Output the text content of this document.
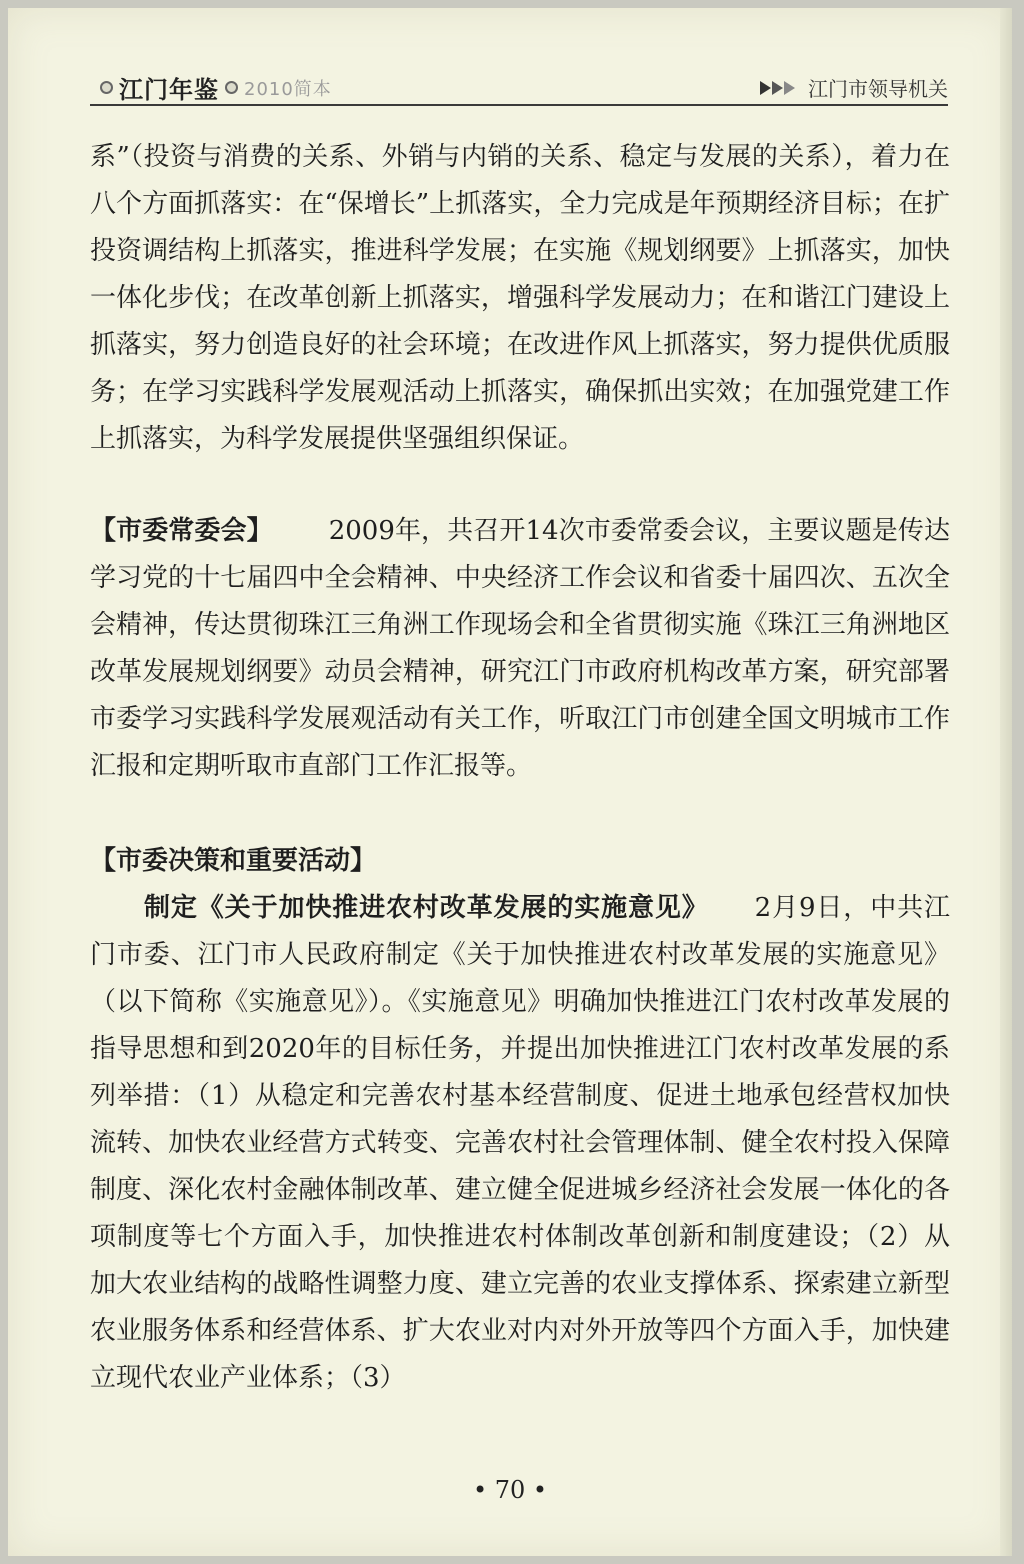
江门年鉴 2010简本	江门市领导机关

系”（投资与消费的关系、外销与内销的关系、稳定与发展的关系），着力在八个方面抓落实：在“保增长”上抓落实，全力完成是年预期经济目标；在扩投资调结构上抓落实，推进科学发展；在实施《规划纲要》上抓落实，加快一体化步伐；在改革创新上抓落实，增强科学发展动力；在和谐江门建设上抓落实，努力创造良好的社会环境；在改进作风上抓落实，努力提供优质服务；在学习实践科学发展观活动上抓落实，确保抓出实效；在加强党建工作上抓落实，为科学发展提供坚强组织保证。

【市委常委会】 2009年，共召开14次市委常委会议，主要议题是传达学习党的十七届四中全会精神、中央经济工作会议和省委十届四次、五次全会精神，传达贯彻珠江三角洲工作现场会和全省贯彻实施《珠江三角洲地区改革发展规划纲要》动员会精神，研究江门市政府机构改革方案，研究部署市委学习实践科学发展观活动有关工作，听取江门市创建全国文明城市工作汇报和定期听取市直部门工作汇报等。

【市委决策和重要活动】

制定《关于加快推进农村改革发展的实施意见》 2月9日，中共江门市委、江门市人民政府制定《关于加快推进农村改革发展的实施意见》（以下简称《实施意见》）。《实施意见》明确加快推进江门农村改革发展的指导思想和到2020年的目标任务，并提出加快推进江门农村改革发展的系列举措：（1）从稳定和完善农村基本经营制度、促进土地承包经营权加快流转、加快农业经营方式转变、完善农村社会管理体制、健全农村投入保障制度、深化农村金融体制改革、建立健全促进城乡经济社会发展一体化的各项制度等七个方面入手，加快推进农村体制改革创新和制度建设；（2）从加大农业结构的战略性调整力度、建立完善的农业支撑体系、探索建立新型农业服务体系和经营体系、扩大农业对内对外开放等四个方面入手，加快建立现代农业产业体系；（3）

• 70 •
